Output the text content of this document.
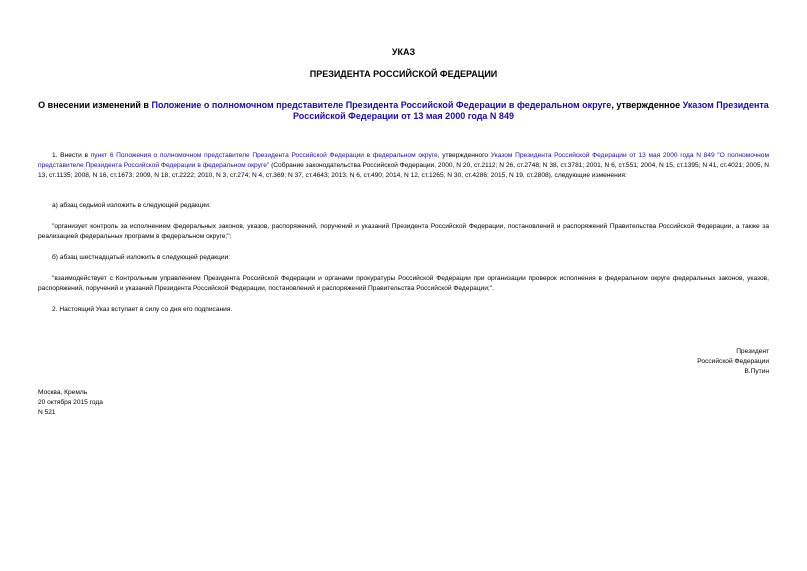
УКАЗ
ПРЕЗИДЕНТА РОССИЙСКОЙ ФЕДЕРАЦИИ
О внесении изменений в Положение о полномочном представителе Президента Российской Федерации в федеральном округе, утвержденное Указом Президента Российской Федерации от 13 мая 2000 года N 849

1. Внести в пункт 6 Положения о полномочном представителе Президента Российской Федерации в федеральном округе, утвержденного Указом Президента Российской Федерации от 13 мая 2000 года N 849 "О полномочном представителе Президента Российской Федерации в федеральном округе" (Собрание законодательства Российской Федерации, 2000, N 20, ст.2112; N 26, ст.2748; N 38, ст.3781; 2001, N 6, ст.551; 2004, N 15, ст.1395; N 41, ст.4021; 2005, N 13, ст.1135; 2008, N 16, ст.1673; 2009, N 18, ст.2222; 2010, N 3, ст.274; N 4, ст.369; N 37, ст.4643; 2013, N 6, ст.490; 2014, N 12, ст.1265; N 30, ст.4286; 2015, N 19, ст.2808), следующие изменения:

а) абзац седьмой изложить в следующей редакции:

"организует контроль за исполнением федеральных законов, указов, распоряжений, поручений и указаний Президента Российской Федерации, постановлений и распоряжений Правительства Российской Федерации, а также за реализацией федеральных программ в федеральном округе;";

б) абзац шестнадцатый изложить в следующей редакции:

"взаимодействует с Контрольным управлением Президента Российской Федерации и органами прокуратуры Российской Федерации при организации проверок исполнения в федеральном округе федеральных законов, указов, распоряжений, поручений и указаний Президента Российской Федерации, постановлений и распоряжений Правительства Российской Федерации;".

2. Настоящий Указ вступает в силу со дня его подписания.

Президент
Российской Федерации
В.Путин
Москва, Кремль
20 октября 2015 года
N 521
